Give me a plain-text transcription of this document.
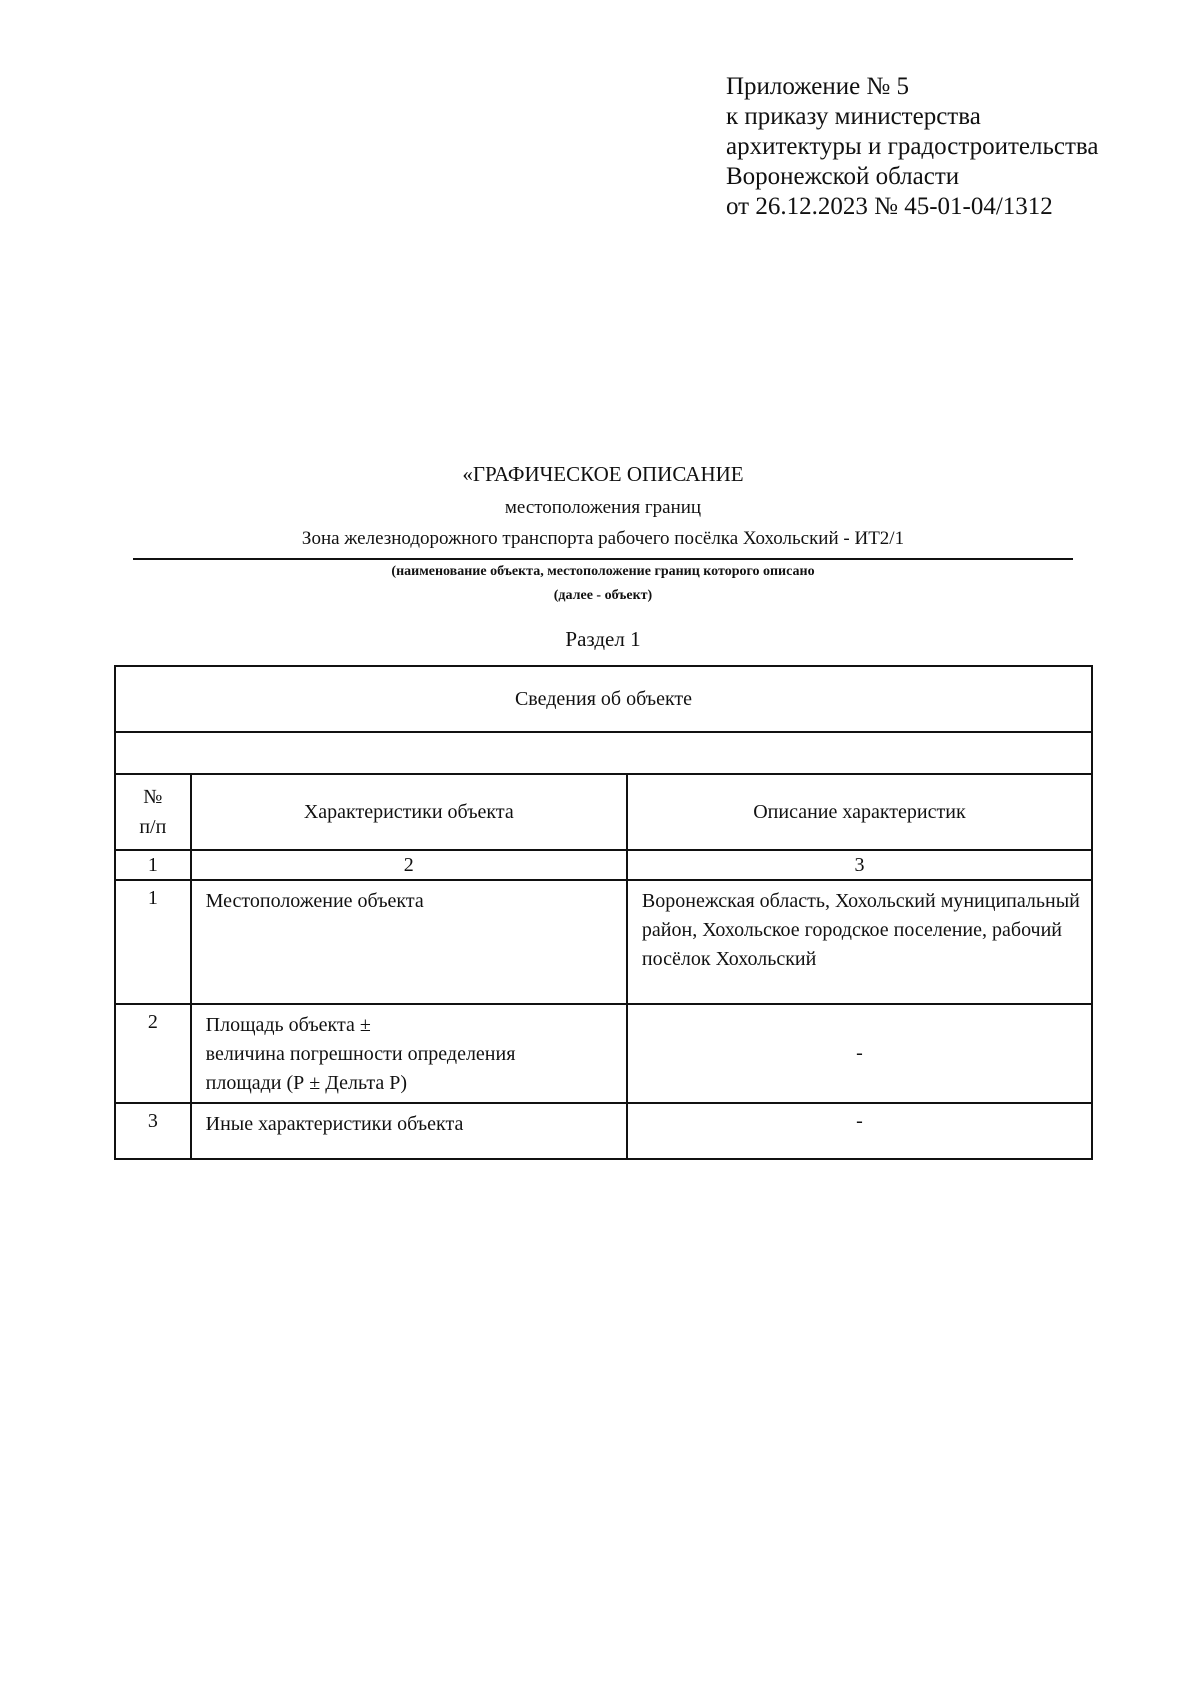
Приложение № 5
к приказу министерства
архитектуры и градостроительства
Воронежской области
от 26.12.2023 № 45-01-04/1312
«ГРАФИЧЕСКОЕ ОПИСАНИЕ
местоположения границ
Зона железнодорожного транспорта рабочего посёлка Хохольский - ИТ2/1
(наименование объекта, местоположение границ которого описано
(далее - объект)
Раздел 1
Сведения об объекте		

№
п/п	Характеристики объекта	Описание характеристик
1	2	3
1	Местоположение объекта	Воронежская область, Хохольский муниципальный район, Хохольское городское поселение, рабочий посёлок Хохольский
2	Площадь объекта ±
величина погрешности определения
площади (Р ± Дельта Р)	-
3	Иные характеристики объекта	-
